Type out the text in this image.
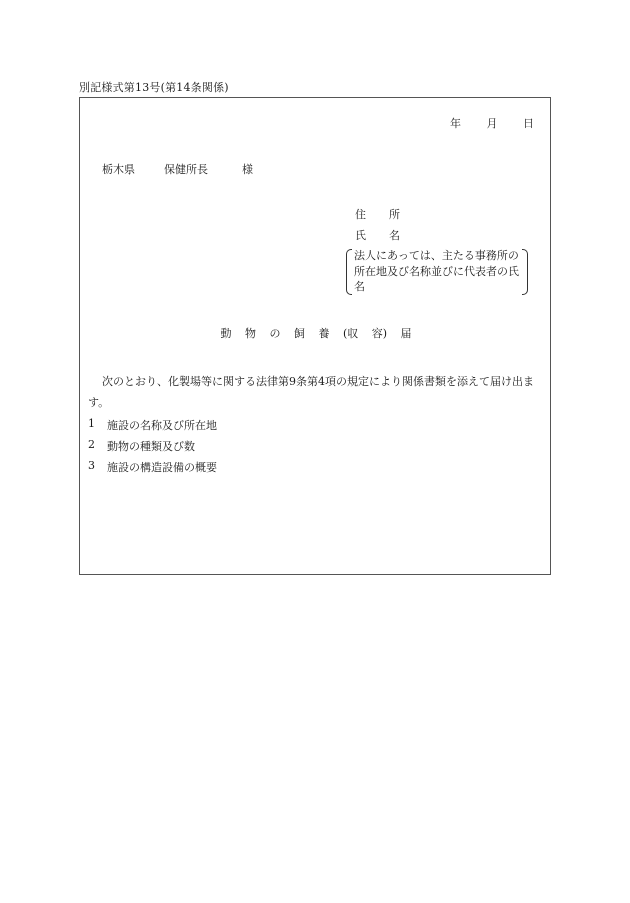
別記様式第13号(第14条関係)
年 月 日
栃木県	保健所長	様
住	所
氏	名
法人にあっては、主たる事務所の所在地及び名称並びに代表者の氏名
動 物 の 飼 養 (収 容) 届
次のとおり、化製場等に関する法律第9条第4項の規定により関係書類を添えて届け出ます。
1	施設の名称及び所在地
2	動物の種類及び数
3	施設の構造設備の概要
